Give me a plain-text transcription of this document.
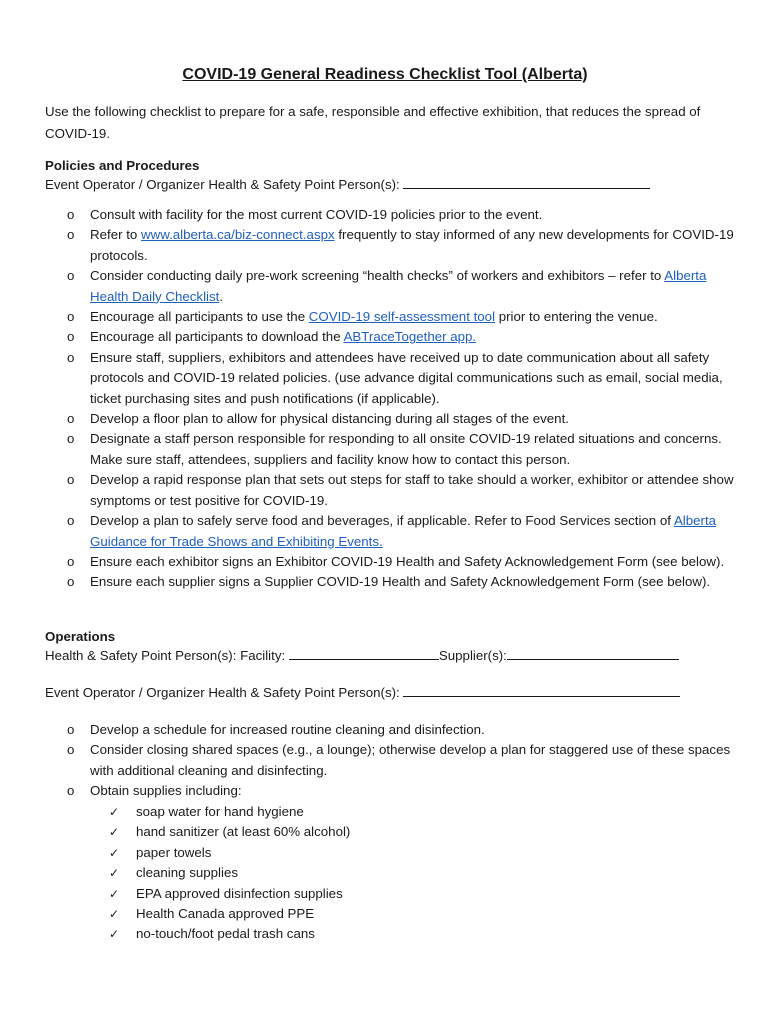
COVID-19 General Readiness Checklist Tool (Alberta)
Use the following checklist to prepare for a safe, responsible and effective exhibition, that reduces the spread of COVID-19.
Policies and Procedures
Event Operator / Organizer Health & Safety Point Person(s):
o Consult with facility for the most current COVID-19 policies prior to the event.
o Refer to www.alberta.ca/biz-connect.aspx frequently to stay informed of any new developments for COVID-19 protocols.
o Consider conducting daily pre-work screening “health checks” of workers and exhibitors – refer to Alberta Health Daily Checklist.
o Encourage all participants to use the COVID-19 self-assessment tool prior to entering the venue.
o Encourage all participants to download the ABTraceTogether app.
o Ensure staff, suppliers, exhibitors and attendees have received up to date communication about all safety protocols and COVID-19 related policies. (use advance digital communications such as email, social media, ticket purchasing sites and push notifications (if applicable).
o Develop a floor plan to allow for physical distancing during all stages of the event.
o Designate a staff person responsible for responding to all onsite COVID-19 related situations and concerns. Make sure staff, attendees, suppliers and facility know how to contact this person.
o Develop a rapid response plan that sets out steps for staff to take should a worker, exhibitor or attendee show symptoms or test positive for COVID-19.
o Develop a plan to safely serve food and beverages, if applicable. Refer to Food Services section of Alberta Guidance for Trade Shows and Exhibiting Events.
o Ensure each exhibitor signs an Exhibitor COVID-19 Health and Safety Acknowledgement Form (see below).
o Ensure each supplier signs a Supplier COVID-19 Health and Safety Acknowledgement Form (see below).
Operations
Health & Safety Point Person(s): Facility:	Supplier(s):
Event Operator / Organizer Health & Safety Point Person(s):
o Develop a schedule for increased routine cleaning and disinfection.
o Consider closing shared spaces (e.g., a lounge); otherwise develop a plan for staggered use of these spaces with additional cleaning and disinfecting.
o Obtain supplies including:
✓ soap water for hand hygiene
✓ hand sanitizer (at least 60% alcohol)
✓ paper towels
✓ cleaning supplies
✓ EPA approved disinfection supplies
✓ Health Canada approved PPE
✓ no-touch/foot pedal trash cans
